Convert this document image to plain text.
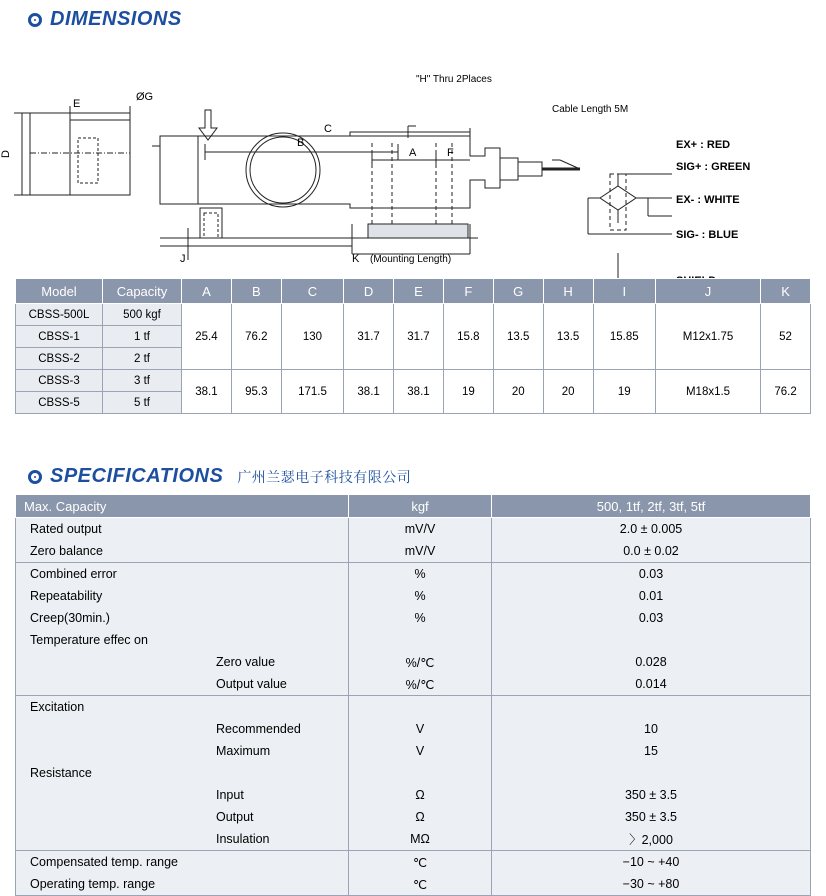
DIMENSIONS
E
D
ØG
B
C
A	F
J	K (Mounting Length)
"H" Thru 2Places
Cable Length 5M
EX+ : RED
SIG+ : GREEN
EX- : WHITE
SIG- : BLUE
Model	Capacity	A	B	C	D	E	F	G	H	I	J	K
CBSS-500L	500 kgf	25.4	76.2	130	31.7	31.7	15.8	13.5	13.5	15.85	M12x1.75	52
CBSS-1	1 tf											
CBSS-2	2 tf											
CBSS-3	3 tf	38.1	95.3	171.5	38.1	38.1	19	20	20	19	M18x1.5	76.2
CBSS-5	5 tf											
SPECIFICATIONS 广州兰瑟电子科技有限公司
Max. Capacity	kgf	500, 1tf, 2tf, 3tf, 5tf
Rated output	mV/V	2.0 ± 0.005
Zero balance	mV/V	0.0 ± 0.02
Combined error	%	0.03
Repeatability	%	0.01
Creep(30min.)	%	0.03
Temperature effec on		
Zero value	%/℃	0.028
Output value	%/℃	0.014
Excitation		
Recommended	V	10
Maximum	V	15
Resistance		
Input	Ω	350 ± 3.5
Output	Ω	350 ± 3.5
Insulation	MΩ	〉2,000
Compensated temp. range	℃	−10 ~ +40
Operating temp. range	℃	−30 ~ +80
